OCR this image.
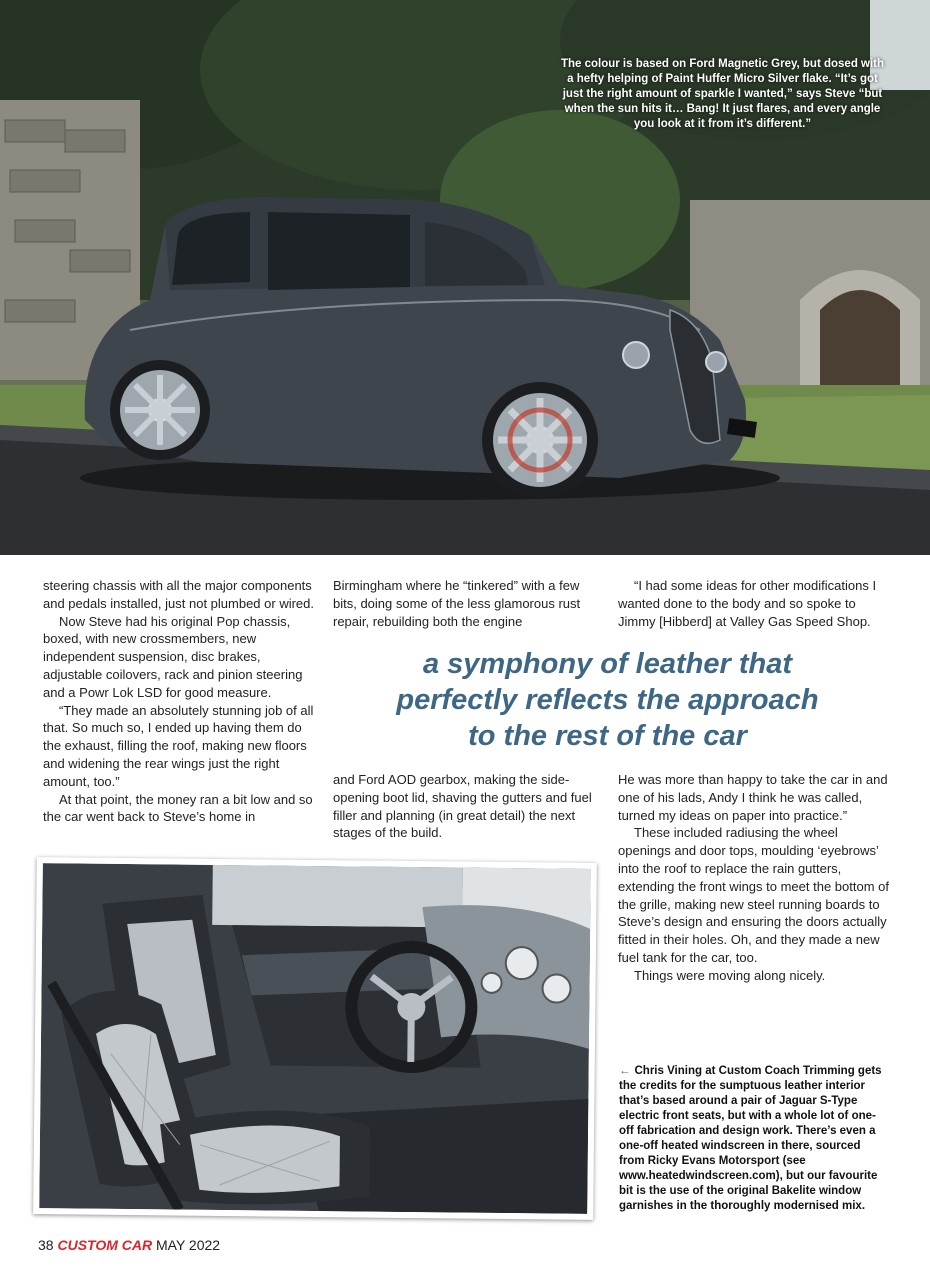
The colour is based on Ford Magnetic Grey, but dosed with a hefty helping of Paint Huffer Micro Silver flake. “It’s got just the right amount of sparkle I wanted,” says Steve “but when the sun hits it… Bang! It just flares, and every angle you look at it from it’s different.”

steering chassis with all the major components and pedals installed, just not plumbed or wired.

Now Steve had his original Pop chassis, boxed, with new crossmembers, new independent suspension, disc brakes, adjustable coilovers, rack and pinion steering and a Powr Lok LSD for good measure.

“They made an absolutely stunning job of all that. So much so, I ended up having them do the exhaust, filling the roof, making new floors and widening the rear wings just the right amount, too.”

At that point, the money ran a bit low and so the car went back to Steve’s home in

Birmingham where he “tinkered” with a few bits, doing some of the less glamorous rust repair, rebuilding both the engine

“I had some ideas for other modifications I wanted done to the body and so spoke to Jimmy [Hibberd] at Valley Gas Speed Shop.

a symphony of leather that
perfectly reflects the approach
to the rest of the car

and Ford AOD gearbox, making the side-opening boot lid, shaving the gutters and fuel filler and planning (in great detail) the next stages of the build.

He was more than happy to take the car in and one of his lads, Andy I think he was called, turned my ideas on paper into practice.”

These included radiusing the wheel openings and door tops, moulding ‘eyebrows’ into the roof to replace the rain gutters, extending the front wings to meet the bottom of the grille, making new steel running boards to Steve’s design and ensuring the doors actually fitted in their holes. Oh, and they made a new fuel tank for the car, too.

Things were moving along nicely.

← Chris Vining at Custom Coach Trimming gets the credits for the sumptuous leather interior that’s based around a pair of Jaguar S-Type electric front seats, but with a whole lot of one-off fabrication and design work. There’s even a one-off heated windscreen in there, sourced from Ricky Evans Motorsport (see www.heatedwindscreen.com), but our favourite bit is the use of the original Bakelite window garnishes in the thoroughly modernised mix.
38 CUSTOM CAR MAY 2022
